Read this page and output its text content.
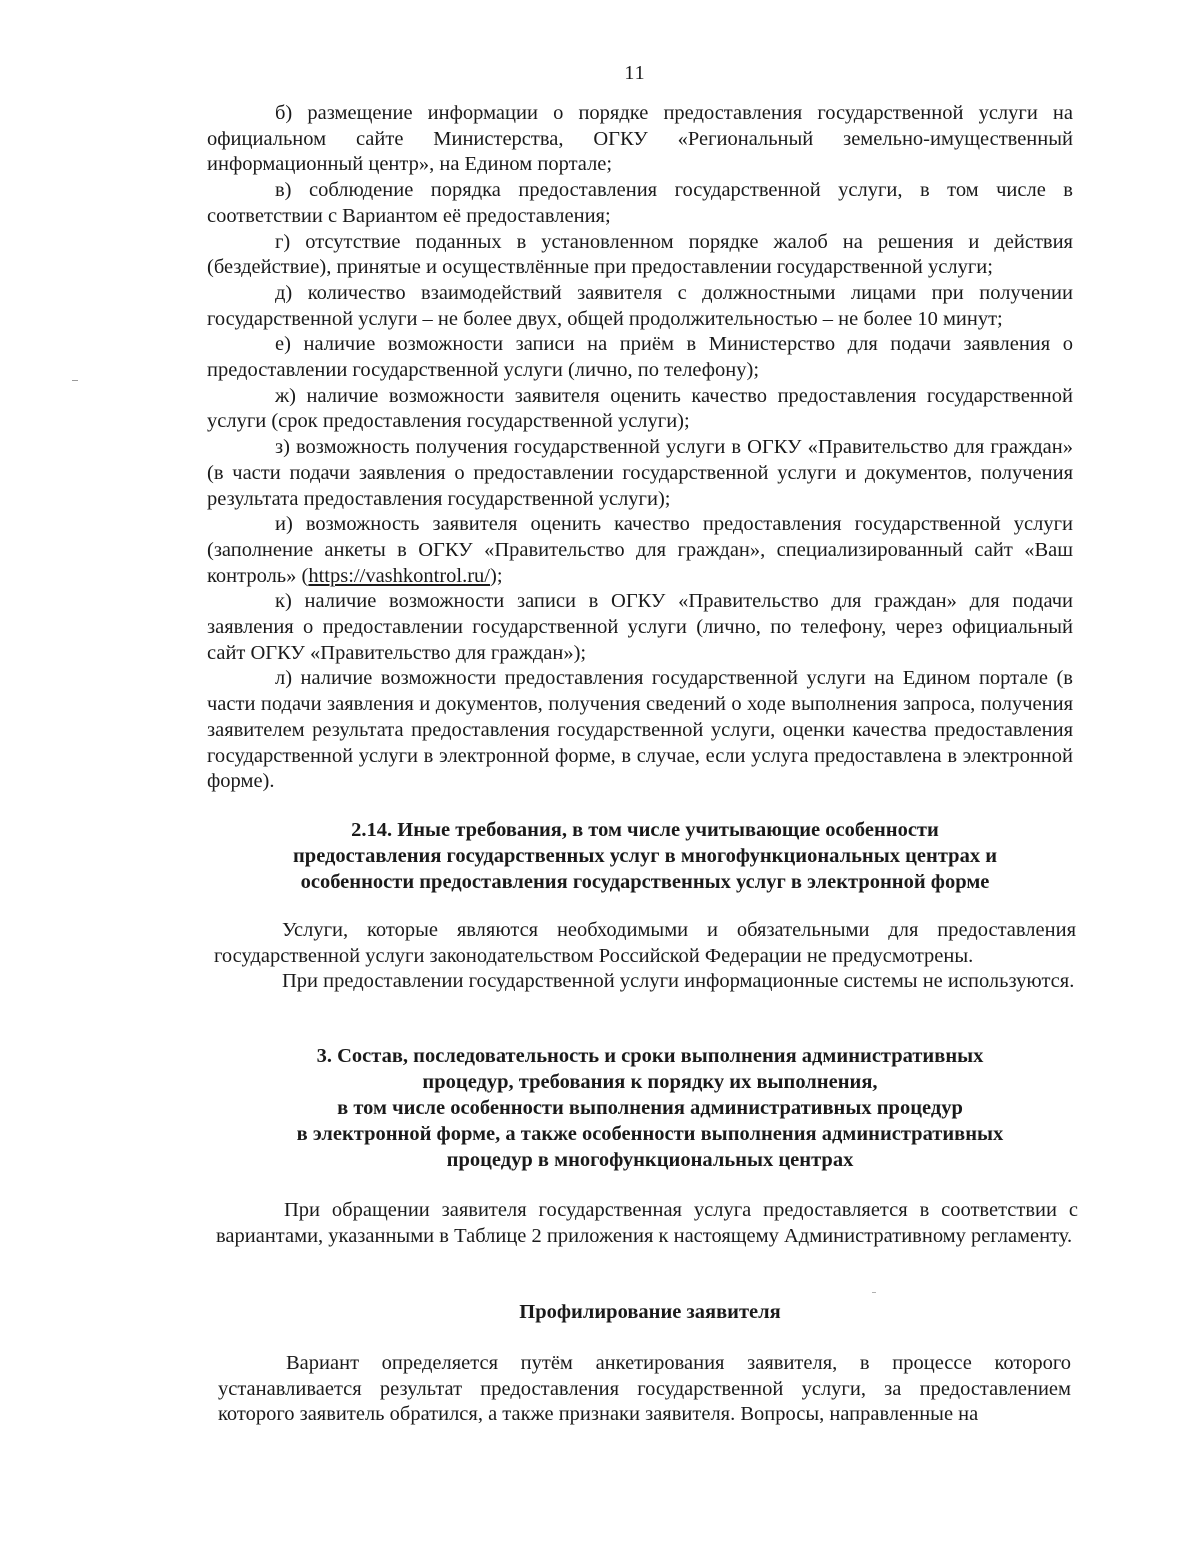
11

б) размещение информации о порядке предоставления государственной услуги на официальном сайте Министерства, ОГКУ «Региональный земельно-имущественный информационный центр», на Едином портале;

в) соблюдение порядка предоставления государственной услуги, в том числе в соответствии с Вариантом её предоставления;

г) отсутствие поданных в установленном порядке жалоб на решения и действия (бездействие), принятые и осуществлённые при предоставлении государственной услуги;

д) количество взаимодействий заявителя с должностными лицами при получении государственной услуги – не более двух, общей продолжительностью – не более 10 минут;

е) наличие возможности записи на приём в Министерство для подачи заявления о предоставлении государственной услуги (лично, по телефону);

ж) наличие возможности заявителя оценить качество предоставления государственной услуги (срок предоставления государственной услуги);

з) возможность получения государственной услуги в ОГКУ «Правительство для граждан» (в части подачи заявления о предоставлении государственной услуги и документов, получения результата предоставления государственной услуги);

и) возможность заявителя оценить качество предоставления государственной услуги (заполнение анкеты в ОГКУ «Правительство для граждан», специализированный сайт «Ваш контроль» (https://vashkontrol.ru/);

к) наличие возможности записи в ОГКУ «Правительство для граждан» для подачи заявления о предоставлении государственной услуги (лично, по телефону, через официальный сайт ОГКУ «Правительство для граждан»);

л) наличие возможности предоставления государственной услуги на Едином портале (в части подачи заявления и документов, получения сведений о ходе выполнения запроса, получения заявителем результата предоставления государственной услуги, оценки качества предоставления государственной услуги в электронной форме, в случае, если услуга предоставлена в электронной форме).

2.14. Иные требования, в том числе учитывающие особенности
предоставления государственных услуг в многофункциональных центрах и
особенности предоставления государственных услуг в электронной форме

Услуги, которые являются необходимыми и обязательными для предоставления государственной услуги законодательством Российской Федерации не предусмотрены.

При предоставлении государственной услуги информационные системы не используются.

3. Состав, последовательность и сроки выполнения административных
процедур, требования к порядку их выполнения,
в том числе особенности выполнения административных процедур
в электронной форме, а также особенности выполнения административных
процедур в многофункциональных центрах

При обращении заявителя государственная услуга предоставляется в соответствии с вариантами, указанными в Таблице 2 приложения к настоящему Административному регламенту.

Профилирование заявителя

Вариант определяется путём анкетирования заявителя, в процессе которого устанавливается результат предоставления государственной услуги, за предоставлением которого заявитель обратился, а также признаки заявителя. Вопросы, направленные на
